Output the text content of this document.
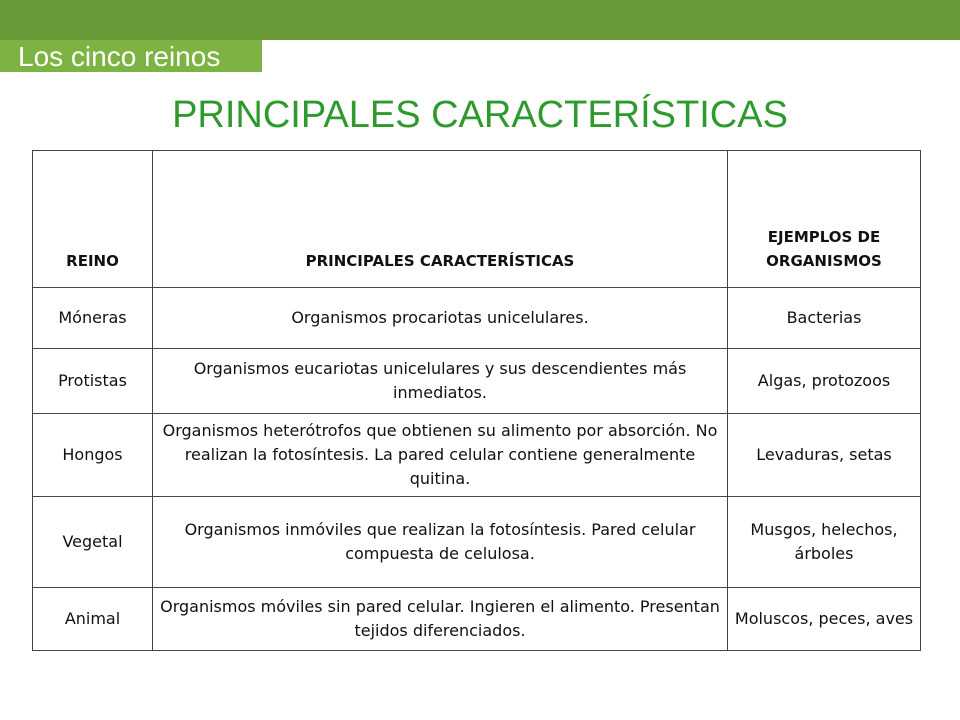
Los cinco reinos
PRINCIPALES CARACTERÍSTICAS
REINO	PRINCIPALES CARACTERÍSTICAS	EJEMPLOS DE ORGANISMOS
Móneras	Organismos procariotas unicelulares.	Bacterias
Protistas	Organismos eucariotas unicelulares y sus descendientes más inmediatos.	Algas, protozoos
Hongos	Organismos heterótrofos que obtienen su alimento por absorción. No realizan la fotosíntesis. La pared celular contiene generalmente quitina.	Levaduras, setas
Vegetal	Organismos inmóviles que realizan la fotosíntesis. Pared celular compuesta de celulosa.	Musgos, helechos, árboles
Animal	Organismos móviles sin pared celular. Ingieren el alimento. Presentan tejidos diferenciados.	Moluscos, peces, aves
